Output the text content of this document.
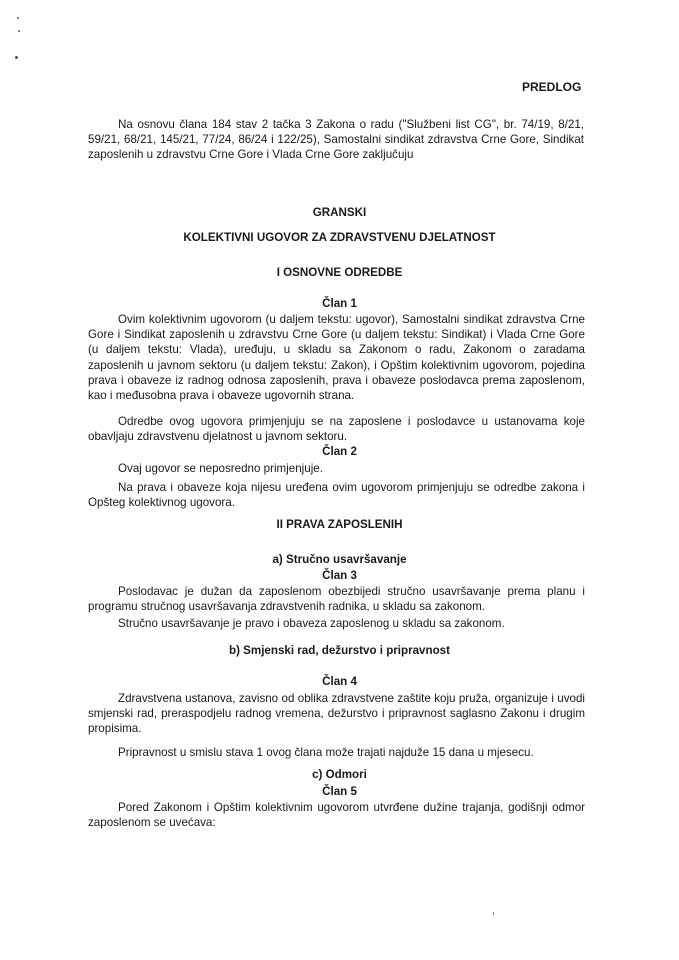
PREDLOG

Na osnovu člana 184 stav 2 tačka 3 Zakona o radu ("Službeni list CG", br. 74/19, 8/21, 59/21, 68/21, 145/21, 77/24, 86/24 i 122/25), Samostalni sindikat zdravstva Crne Gore, Sindikat zaposlenih u zdravstvu Crne Gore i Vlada Crne Gore zaključuju

GRANSKI
KOLEKTIVNI UGOVOR ZA ZDRAVSTVENU DJELATNOST
I OSNOVNE ODREDBE
Član 1

Ovim kolektivnim ugovorom (u daljem tekstu: ugovor), Samostalni sindikat zdravstva Crne Gore i Sindikat zaposlenih u zdravstvu Crne Gore (u daljem tekstu: Sindikat) i Vlada Crne Gore (u daljem tekstu: Vlada), uređuju, u skladu sa Zakonom o radu, Zakonom o zaradama zaposlenih u javnom sektoru (u daljem tekstu: Zakon), i Opštim kolektivnim ugovorom, pojedina prava i obaveze iz radnog odnosa zaposlenih, prava i obaveze poslodavca prema zaposlenom, kao i međusobna prava i obaveze ugovornih strana.

Odredbe ovog ugovora primjenjuju se na zaposlene i poslodavce u ustanovama koje obavljaju zdravstvenu djelatnost u javnom sektoru.

Član 2

Ovaj ugovor se neposredno primjenjuje.

Na prava i obaveze koja nijesu uređena ovim ugovorom primjenjuju se odredbe zakona i Opšteg kolektivnog ugovora.

II PRAVA ZAPOSLENIH
a) Stručno usavršavanje
Član 3

Poslodavac je dužan da zaposlenom obezbijedi stručno usavršavanje prema planu i programu stručnog usavršavanja zdravstvenih radnika, u skladu sa zakonom.

Stručno usavršavanje je pravo i obaveza zaposlenog u skladu sa zakonom.

b) Smjenski rad, dežurstvo i pripravnost
Član 4

Zdravstvena ustanova, zavisno od oblika zdravstvene zaštite koju pruža, organizuje i uvodi smjenski rad, preraspodjelu radnog vremena, dežurstvo i pripravnost saglasno Zakonu i drugim propisima.

Pripravnost u smislu stava 1 ovog člana može trajati najduže 15 dana u mjesecu.

c) Odmori
Član 5

Pored Zakonom i Opštim kolektivnim ugovorom utvrđene dužine trajanja, godišnji odmor zaposlenom se uvećava:
